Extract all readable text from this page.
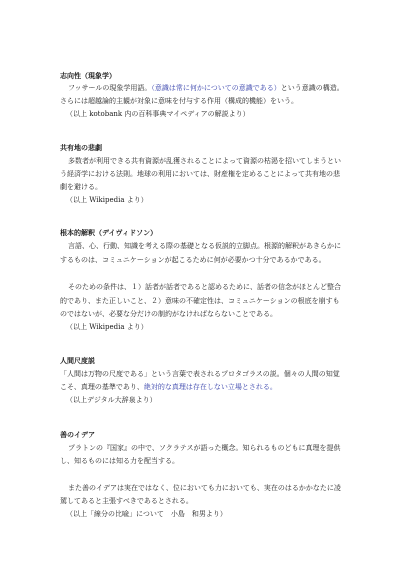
志向性（現象学）
フッサールの現象学用語。（意識は常に何かについての意識である）という意識の構造。
さらには超越論的主観が対象に意味を付与する作用（構成的機能）をいう。
（以上 kotobank 内の百科事典マイペディアの解説より）
共有地の悲劇
多数者が利用できる共有資源が乱獲されることによって資源の枯渇を招いてしまうとい
う経済学における法則。地球の利用においては、財産権を定めることによって共有地の悲
劇を避ける。
（以上 Wikipedia より）
根本的解釈（デイヴィドソン）
言語、心、行動、知識を考える際の基礎となる仮説的立脚点。根源的解釈があきらかに
するものは、コミュニケーションが起こるために何が必要かつ十分であるかである。
そのための条件は、１）話者が話者であると認めるために、話者の信念がほとんど整合
的であり、また正しいこと、２）意味の不確定性は、コミュニケーションの根底を崩すも
のではないが、必要な分だけの制約がなければならないことである。
（以上 Wikipedia より）
人間尺度説
「人間は万物の尺度である」という言葉で表されるプロタゴラスの説。個々の人間の知覚
こそ、真理の基準であり、絶対的な真理は存在しない立場とされる。
（以上デジタル大辞泉より）
善のイデア
プラトンの『国家』の中で、ソクラテスが語った概念。知られるものどもに真理を提供
し、知るものには知る力を配当する。
また善のイデアは実在ではなく、位においても力においても、実在のはるかかなたに凌
駕してあると主張すべきであるとされる。
（以上「線分の比喩」について　小島　和男より）
